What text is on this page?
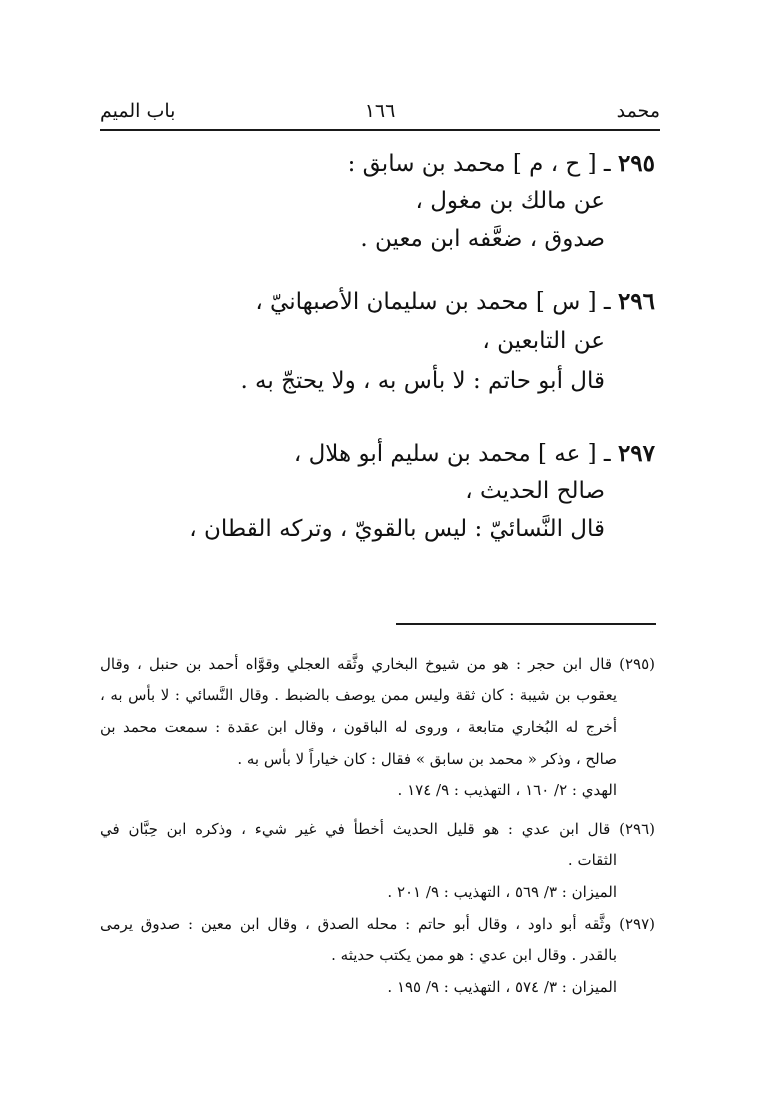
محمد
١٦٦
باب الميم
٢٩٥ ـ [ ح ، م ] محمد بن سابق :
عن مالك بن مغول ،
صدوق ، ضعَّفه ابن معين .
٢٩٦ ـ [ س ] محمد بن سليمان الأصبهانيّ ،
عن التابعين ،
قال أبو حاتم : لا بأس به ، ولا يحتجّ به .
٢٩٧ ـ [ عه ] محمد بن سليم أبو هلال ،
صالح الحديث ،
قال النَّسائيّ : ليس بالقويّ ، وتركه القطان ،
(٢٩٥) قال ابن حجر : هو من شيوخ البخاري وثَّقه العجلي وقوَّاه أحمد بن حنبل ، وقال
يعقوب بن شيبة : كان ثقة وليس ممن يوصف بالضبط . وقال النَّسائي : لا بأس به ،
أخرج له البُخاري متابعة ، وروى له الباقون ، وقال ابن عقدة : سمعت محمد بن
صالح ، وذكر « محمد بن سابق » فقال : كان خياراً لا بأس به .
الهدي : ٢/ ١٦٠ ، التهذيب : ٩/ ١٧٤ .
(٢٩٦) قال ابن عدي : هو قليل الحديث أخطأ في غير شيء ، وذكره ابن حِبَّان في
الثقات .
الميزان : ٣/ ٥٦٩ ، التهذيب : ٩/ ٢٠١ .
(٢٩٧) وثَّقه أبو داود ، وقال أبو حاتم : محله الصدق ، وقال ابن معين : صدوق يرمى
بالقدر . وقال ابن عدي : هو ممن يكتب حديثه .
الميزان : ٣/ ٥٧٤ ، التهذيب : ٩/ ١٩٥ .
